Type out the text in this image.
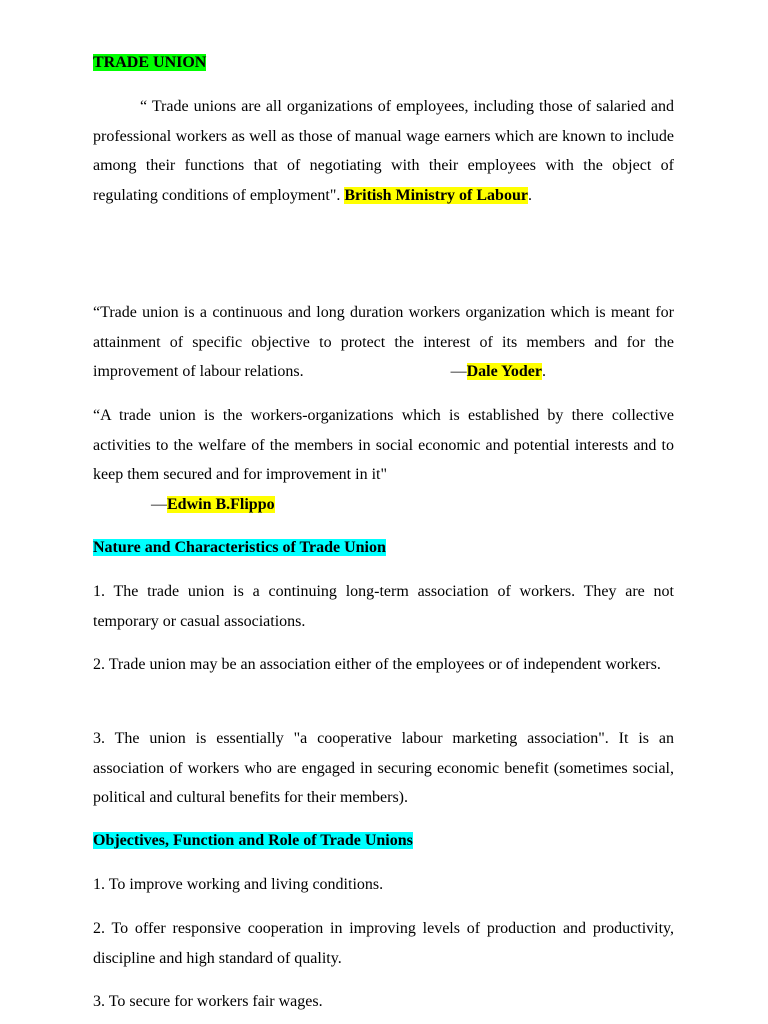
TRADE UNION

“ Trade unions are all organizations of employees, including those of salaried and professional workers as well as those of manual wage earners which are known to include among their functions that of negotiating with their employees with the object of regulating conditions of employment". British Ministry of Labour.

“Trade union is a continuous and long duration workers organization which is meant for attainment of specific objective to protect the interest of its members and for the improvement of labour relations.	—Dale Yoder.

“A trade union is the workers-organizations which is established by there collective activities to the welfare of the members in social economic and potential interests and to keep them secured and for improvement in it"
—Edwin B.Flippo

Nature and Characteristics of Trade Union

1. The trade union is a continuing long-term association of workers. They are not temporary or casual associations.

2. Trade union may be an association either of the employees or of independent workers.

3. The union is essentially "a cooperative labour marketing association". It is an association of workers who are engaged in securing economic benefit (sometimes social, political and cultural benefits for their members).

Objectives, Function and Role of Trade Unions

1. To improve working and living conditions.

2. To offer responsive cooperation in improving levels of production and productivity, discipline and high standard of quality.

3. To secure for workers fair wages.
